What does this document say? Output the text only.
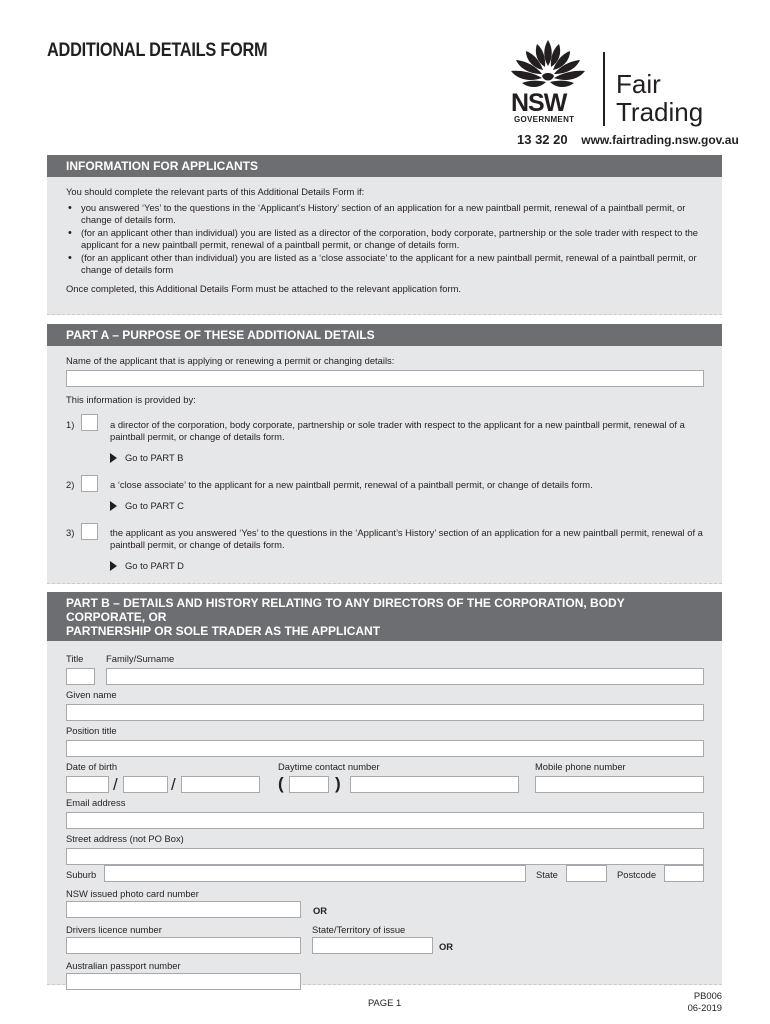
ADDITIONAL DETAILS FORM
NSW
GOVERNMENT
Fair
Trading
13 32 20 www.fairtrading.nsw.gov.au
INFORMATION FOR APPLICANTS
You should complete the relevant parts of this Additional Details Form if:
• you answered ‘Yes’ to the questions in the ‘Applicant’s History’ section of an application for a new paintball permit, renewal of a paintball permit, or change of details form.
• (for an applicant other than individual) you are listed as a director of the corporation, body corporate, partnership or the sole trader with respect to the applicant for a new paintball permit, renewal of a paintball permit, or change of details form.
• (for an applicant other than individual) you are listed as a ‘close associate’ to the applicant for a new paintball permit, renewal of a paintball permit, or change of details form
Once completed, this Additional Details Form must be attached to the relevant application form.
PART A – PURPOSE OF THESE ADDITIONAL DETAILS
Name of the applicant that is applying or renewing a permit or changing details:
This information is provided by:
1)	a director of the corporation, body corporate, partnership or sole trader with respect to the applicant for a new paintball permit, renewal of a paintball permit, or change of details form.
Go to PART B
2)	a ‘close associate’ to the applicant for a new paintball permit, renewal of a paintball permit, or change of details form.
Go to PART C
3)	the applicant as you answered ‘Yes’ to the questions in the ‘Applicant’s History’ section of an application for a new paintball permit, renewal of a paintball permit, or change of details form.
Go to PART D
PART B – DETAILS AND HISTORY RELATING TO ANY DIRECTORS OF THE CORPORATION, BODY CORPORATE, OR
PARTNERSHIP OR SOLE TRADER AS THE APPLICANT
Title Family/Surname
Given name
Position title
Date of birth
/	/
Daytime contact number
(	)
Mobile phone number
Email address
Street address (not PO Box)
Suburb	State	Postcode
NSW issued photo card number
OR
Drivers licence number	State/Territory of issue
OR
Australian passport number
PAGE 1
PB006
06-2019
